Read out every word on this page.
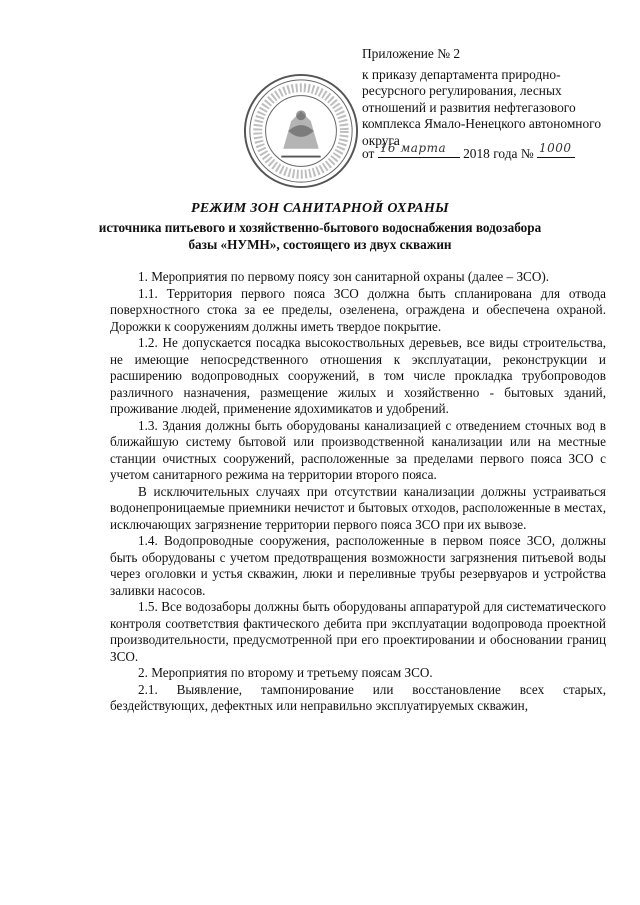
Приложение № 2
к приказу департамента природно-ресурсного регулирования, лесных отношений и развития нефтегазового комплекса Ямало-Ненецкого автономного округа
от 16 марта 2018 года № 1000
РЕЖИМ ЗОН САНИТАРНОЙ ОХРАНЫ
источника питьевого и хозяйственно-бытового водоснабжения водозабора базы «НУМН», состоящего из двух скважин

1. Мероприятия по первому поясу зон санитарной охраны (далее – ЗСО).

1.1. Территория первого пояса ЗСО должна быть спланирована для отвода поверхностного стока за ее пределы, озеленена, ограждена и обеспечена охраной. Дорожки к сооружениям должны иметь твердое покрытие.

1.2. Не допускается посадка высокоствольных деревьев, все виды строительства, не имеющие непосредственного отношения к эксплуатации, реконструкции и расширению водопроводных сооружений, в том числе прокладка трубопроводов различного назначения, размещение жилых и хозяйственно - бытовых зданий, проживание людей, применение ядохимикатов и удобрений.

1.3. Здания должны быть оборудованы канализацией с отведением сточных вод в ближайшую систему бытовой или производственной канализации или на местные станции очистных сооружений, расположенные за пределами первого пояса ЗСО с учетом санитарного режима на территории второго пояса.

В исключительных случаях при отсутствии канализации должны устраиваться водонепроницаемые приемники нечистот и бытовых отходов, расположенные в местах, исключающих загрязнение территории первого пояса ЗСО при их вывозе.

1.4. Водопроводные сооружения, расположенные в первом поясе ЗСО, должны быть оборудованы с учетом предотвращения возможности загрязнения питьевой воды через оголовки и устья скважин, люки и переливные трубы резервуаров и устройства заливки насосов.

1.5. Все водозаборы должны быть оборудованы аппаратурой для систематического контроля соответствия фактического дебита при эксплуатации водопровода проектной производительности, предусмотренной при его проектировании и обосновании границ ЗСО.

2. Мероприятия по второму и третьему поясам ЗСО.

2.1. Выявление, тампонирование или восстановление всех старых, бездействующих, дефектных или неправильно эксплуатируемых скважин,
